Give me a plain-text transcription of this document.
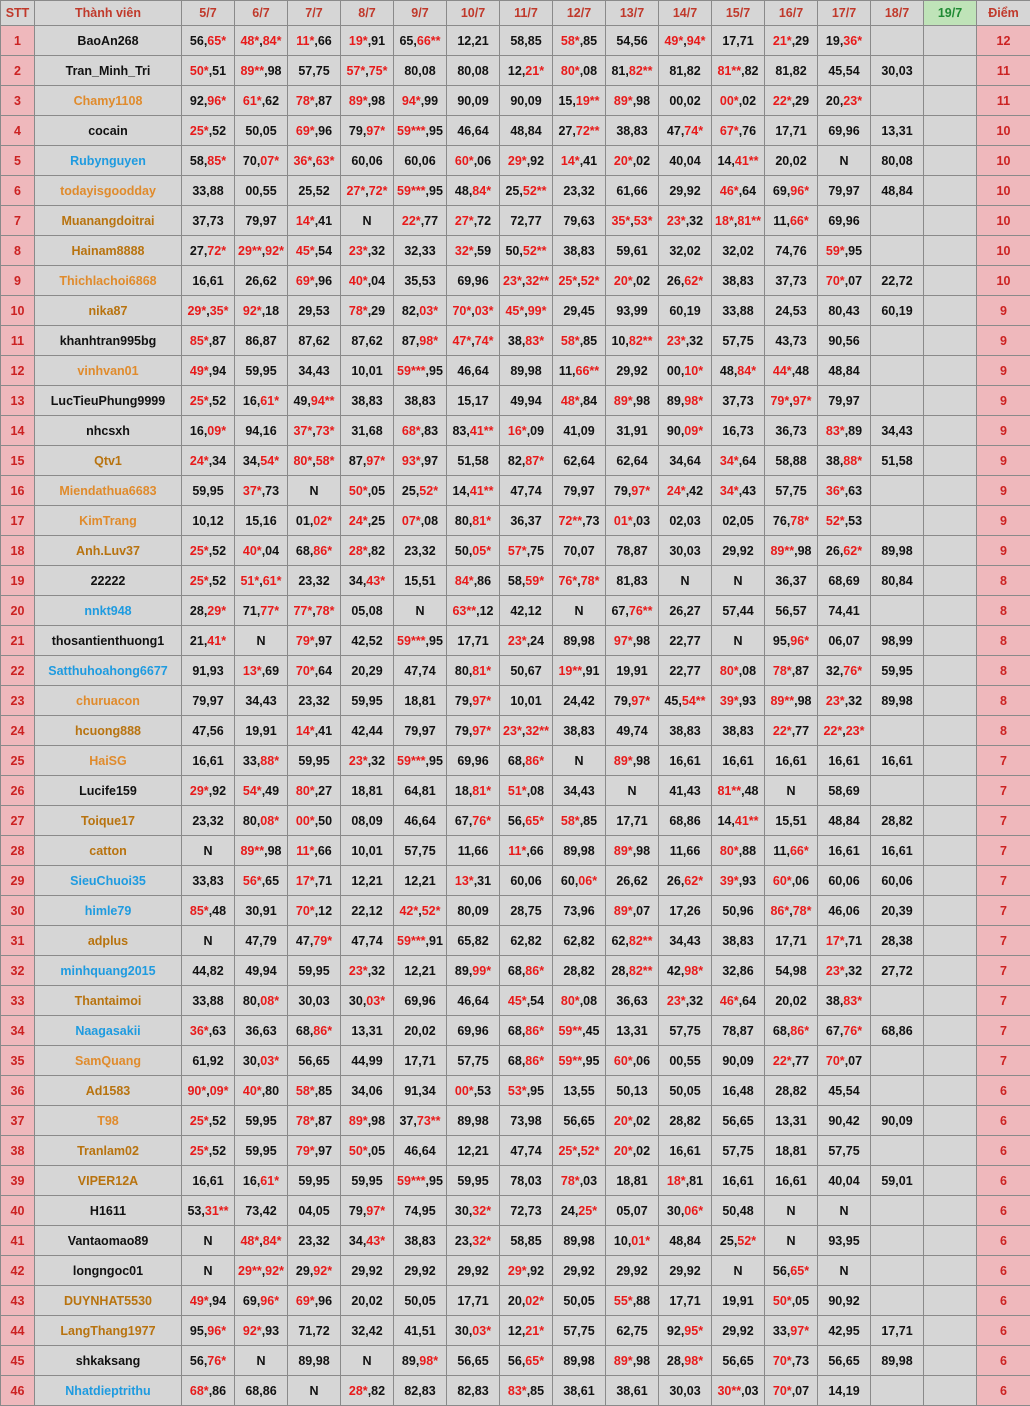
STT	Thành viên	5/7	6/7	7/7	8/7	9/7	10/7	11/7	12/7	13/7	14/7	15/7	16/7	17/7	18/7	19/7	Điểm
1	BaoAn268	56,65*	48*,84*	11*,66	19*,91	65,66**	12,21	58,85	58*,85	54,56	49*,94*	17,71	21*,29	19,36*			12
2	Tran_Minh_Tri	50*,51	89**,98	57,75	57*,75*	80,08	80,08	12,21*	80*,08	81,82**	81,82	81**,82	81,82	45,54	30,03		11
3	Chamy1108	92,96*	61*,62	78*,87	89*,98	94*,99	90,09	90,09	15,19**	89*,98	00,02	00*,02	22*,29	20,23*			11
4	cocain	25*,52	50,05	69*,96	79,97*	59***,95	46,64	48,84	27,72**	38,83	47,74*	67*,76	17,71	69,96	13,31		10
5	Rubynguyen	58,85*	70,07*	36*,63*	60,06	60,06	60*,06	29*,92	14*,41	20*,02	40,04	14,41**	20,02	N	80,08		10
6	todayisgoodday	33,88	00,55	25,52	27*,72*	59***,95	48,84*	25,52**	23,32	61,66	29,92	46*,64	69,96*	79,97	48,84		10
7	Muanangdoitrai	37,73	79,97	14*,41	N	22*,77	27*,72	72,77	79,63	35*,53*	23*,32	18*,81**	11,66*	69,96			10
8	Hainam8888	27,72*	29**,92*	45*,54	23*,32	32,33	32*,59	50,52**	38,83	59,61	32,02	32,02	74,76	59*,95			10
9	Thichlachoi6868	16,61	26,62	69*,96	40*,04	35,53	69,96	23*,32**	25*,52*	20*,02	26,62*	38,83	37,73	70*,07	22,72		10
10	nika87	29*,35*	92*,18	29,53	78*,29	82,03*	70*,03*	45*,99*	29,45	93,99	60,19	33,88	24,53	80,43	60,19		9
11	khanhtran995bg	85*,87	86,87	87,62	87,62	87,98*	47*,74*	38,83*	58*,85	10,82**	23*,32	57,75	43,73	90,56			9
12	vinhvan01	49*,94	59,95	34,43	10,01	59***,95	46,64	89,98	11,66**	29,92	00,10*	48,84*	44*,48	48,84			9
13	LucTieuPhung9999	25*,52	16,61*	49,94**	38,83	38,83	15,17	49,94	48*,84	89*,98	89,98*	37,73	79*,97*	79,97			9
14	nhcsxh	16,09*	94,16	37*,73*	31,68	68*,83	83,41**	16*,09	41,09	31,91	90,09*	16,73	36,73	83*,89	34,43		9
15	Qtv1	24*,34	34,54*	80*,58*	87,97*	93*,97	51,58	82,87*	62,64	62,64	34,64	34*,64	58,88	38,88*	51,58		9
16	Miendathua6683	59,95	37*,73	N	50*,05	25,52*	14,41**	47,74	79,97	79,97*	24*,42	34*,43	57,75	36*,63			9
17	KimTrang	10,12	15,16	01,02*	24*,25	07*,08	80,81*	36,37	72**,73	01*,03	02,03	02,05	76,78*	52*,53			9
18	Anh.Luv37	25*,52	40*,04	68,86*	28*,82	23,32	50,05*	57*,75	70,07	78,87	30,03	29,92	89**,98	26,62*	89,98		9
19	22222	25*,52	51*,61*	23,32	34,43*	15,51	84*,86	58,59*	76*,78*	81,83	N	N	36,37	68,69	80,84		8
20	nnkt948	28,29*	71,77*	77*,78*	05,08	N	63**,12	42,12	N	67,76**	26,27	57,44	56,57	74,41			8
21	thosantienthuong1	21,41*	N	79*,97	42,52	59***,95	17,71	23*,24	89,98	97*,98	22,77	N	95,96*	06,07	98,99		8
22	Satthuhoahong6677	91,93	13*,69	70*,64	20,29	47,74	80,81*	50,67	19**,91	19,91	22,77	80*,08	78*,87	32,76*	59,95		8
23	churuacon	79,97	34,43	23,32	59,95	18,81	79,97*	10,01	24,42	79,97*	45,54**	39*,93	89**,98	23*,32	89,98		8
24	hcuong888	47,56	19,91	14*,41	42,44	79,97	79,97*	23*,32**	38,83	49,74	38,83	38,83	22*,77	22*,23*			8
25	HaiSG	16,61	33,88*	59,95	23*,32	59***,95	69,96	68,86*	N	89*,98	16,61	16,61	16,61	16,61	16,61		7
26	Lucife159	29*,92	54*,49	80*,27	18,81	64,81	18,81*	51*,08	34,43	N	41,43	81**,48	N	58,69			7
27	Toique17	23,32	80,08*	00*,50	08,09	46,64	67,76*	56,65*	58*,85	17,71	68,86	14,41**	15,51	48,84	28,82		7
28	catton	N	89**,98	11*,66	10,01	57,75	11,66	11*,66	89,98	89*,98	11,66	80*,88	11,66*	16,61	16,61		7
29	SieuChuoi35	33,83	56*,65	17*,71	12,21	12,21	13*,31	60,06	60,06*	26,62	26,62*	39*,93	60*,06	60,06	60,06		7
30	himle79	85*,48	30,91	70*,12	22,12	42*,52*	80,09	28,75	73,96	89*,07	17,26	50,96	86*,78*	46,06	20,39		7
31	adplus	N	47,79	47,79*	47,74	59***,91	65,82	62,82	62,82	62,82**	34,43	38,83	17,71	17*,71	28,38		7
32	minhquang2015	44,82	49,94	59,95	23*,32	12,21	89,99*	68,86*	28,82	28,82**	42,98*	32,86	54,98	23*,32	27,72		7
33	Thantaimoi	33,88	80,08*	30,03	30,03*	69,96	46,64	45*,54	80*,08	36,63	23*,32	46*,64	20,02	38,83*			7
34	Naagasakii	36*,63	36,63	68,86*	13,31	20,02	69,96	68,86*	59**,45	13,31	57,75	78,87	68,86*	67,76*	68,86		7
35	SamQuang	61,92	30,03*	56,65	44,99	17,71	57,75	68,86*	59**,95	60*,06	00,55	90,09	22*,77	70*,07			7
36	Ad1583	90*,09*	40*,80	58*,85	34,06	91,34	00*,53	53*,95	13,55	50,13	50,05	16,48	28,82	45,54			6
37	T98	25*,52	59,95	78*,87	89*,98	37,73**	89,98	73,98	56,65	20*,02	28,82	56,65	13,31	90,42	90,09		6
38	Tranlam02	25*,52	59,95	79*,97	50*,05	46,64	12,21	47,74	25*,52*	20*,02	16,61	57,75	18,81	57,75			6
39	VIPER12A	16,61	16,61*	59,95	59,95	59***,95	59,95	78,03	78*,03	18,81	18*,81	16,61	16,61	40,04	59,01		6
40	H1611	53,31**	73,42	04,05	79,97*	74,95	30,32*	72,73	24,25*	05,07	30,06*	50,48	N	N			6
41	Vantaomao89	N	48*,84*	23,32	34,43*	38,83	23,32*	58,85	89,98	10,01*	48,84	25,52*	N	93,95			6
42	longngoc01	N	29**,92*	29,92*	29,92	29,92	29,92	29*,92	29,92	29,92	29,92	N	56,65*	N			6
43	DUYNHAT5530	49*,94	69,96*	69*,96	20,02	50,05	17,71	20,02*	50,05	55*,88	17,71	19,91	50*,05	90,92			6
44	LangThang1977	95,96*	92*,93	71,72	32,42	41,51	30,03*	12,21*	57,75	62,75	92,95*	29,92	33,97*	42,95	17,71		6
45	shkaksang	56,76*	N	89,98	N	89,98*	56,65	56,65*	89,98	89*,98	28,98*	56,65	70*,73	56,65	89,98		6
46	Nhatdieptrithu	68*,86	68,86	N	28*,82	82,83	82,83	83*,85	38,61	38,61	30,03	30**,03	70*,07	14,19			6
